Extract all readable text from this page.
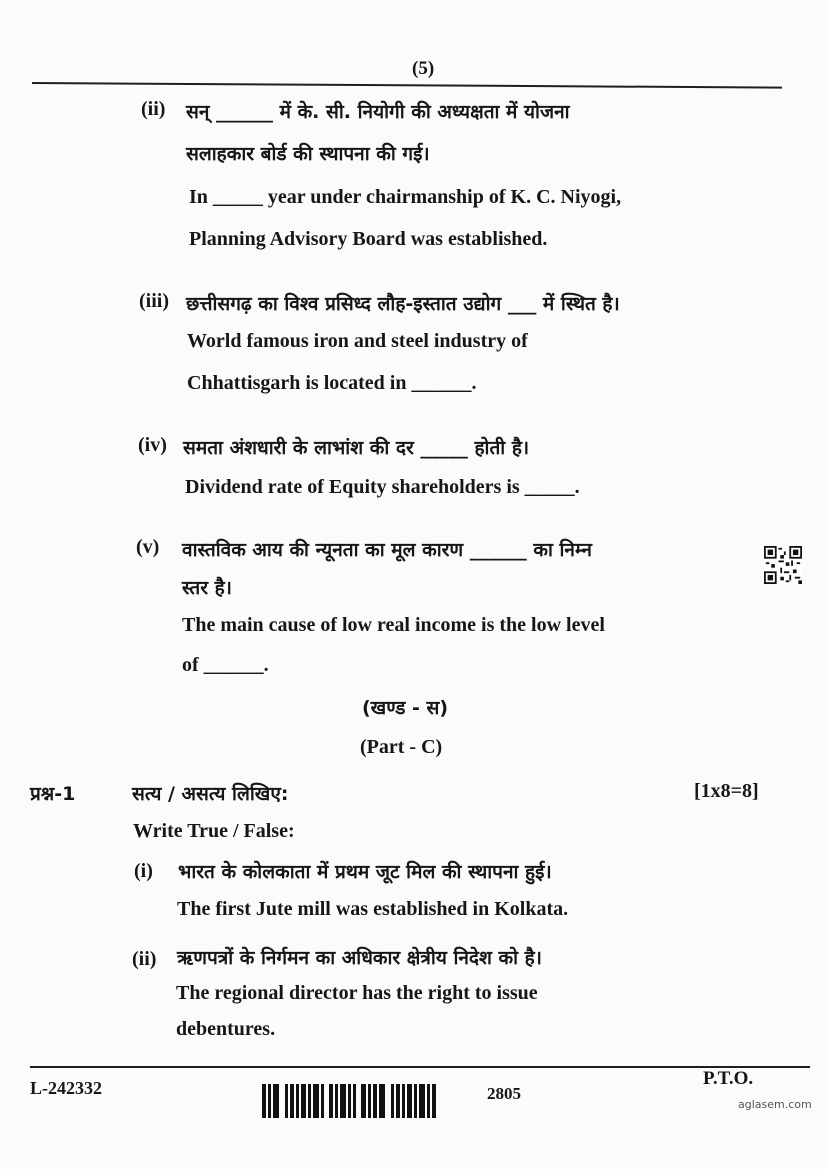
(5)
(ii) सन् ______ में के. सी. नियोगी की अध्यक्षता में योजना
सलाहकार बोर्ड की स्थापना की गई।
In _____ year under chairmanship of K. C. Niyogi,
Planning Advisory Board was established.
(iii) छत्तीसगढ़ का विश्व प्रसिध्द लौह-इस्तात उद्योग ___ में स्थित है।
World famous iron and steel industry of
Chhattisgarh is located in ______.
(iv) समता अंशधारी के लाभांश की दर _____ होती है।
Dividend rate of Equity shareholders is _____.
(v) वास्तविक आय की न्यूनता का मूल कारण ______ का निम्न
स्तर है।
The main cause of low real income is the low level
of ______.
(खण्ड - स)
(Part - C)
प्रश्न-1	सत्य / असत्य लिखिए:	[1x8=8]
Write True / False:
(i) भारत के कोलकाता में प्रथम जूट मिल की स्थापना हुई।
The first Jute mill was established in Kolkata.
(ii) ऋणपत्रों के निर्गमन का अधिकार क्षेत्रीय निदेश को है।
The regional director has the right to issue
debentures.
L-242332	2805
P.T.O.
aglasem.com
